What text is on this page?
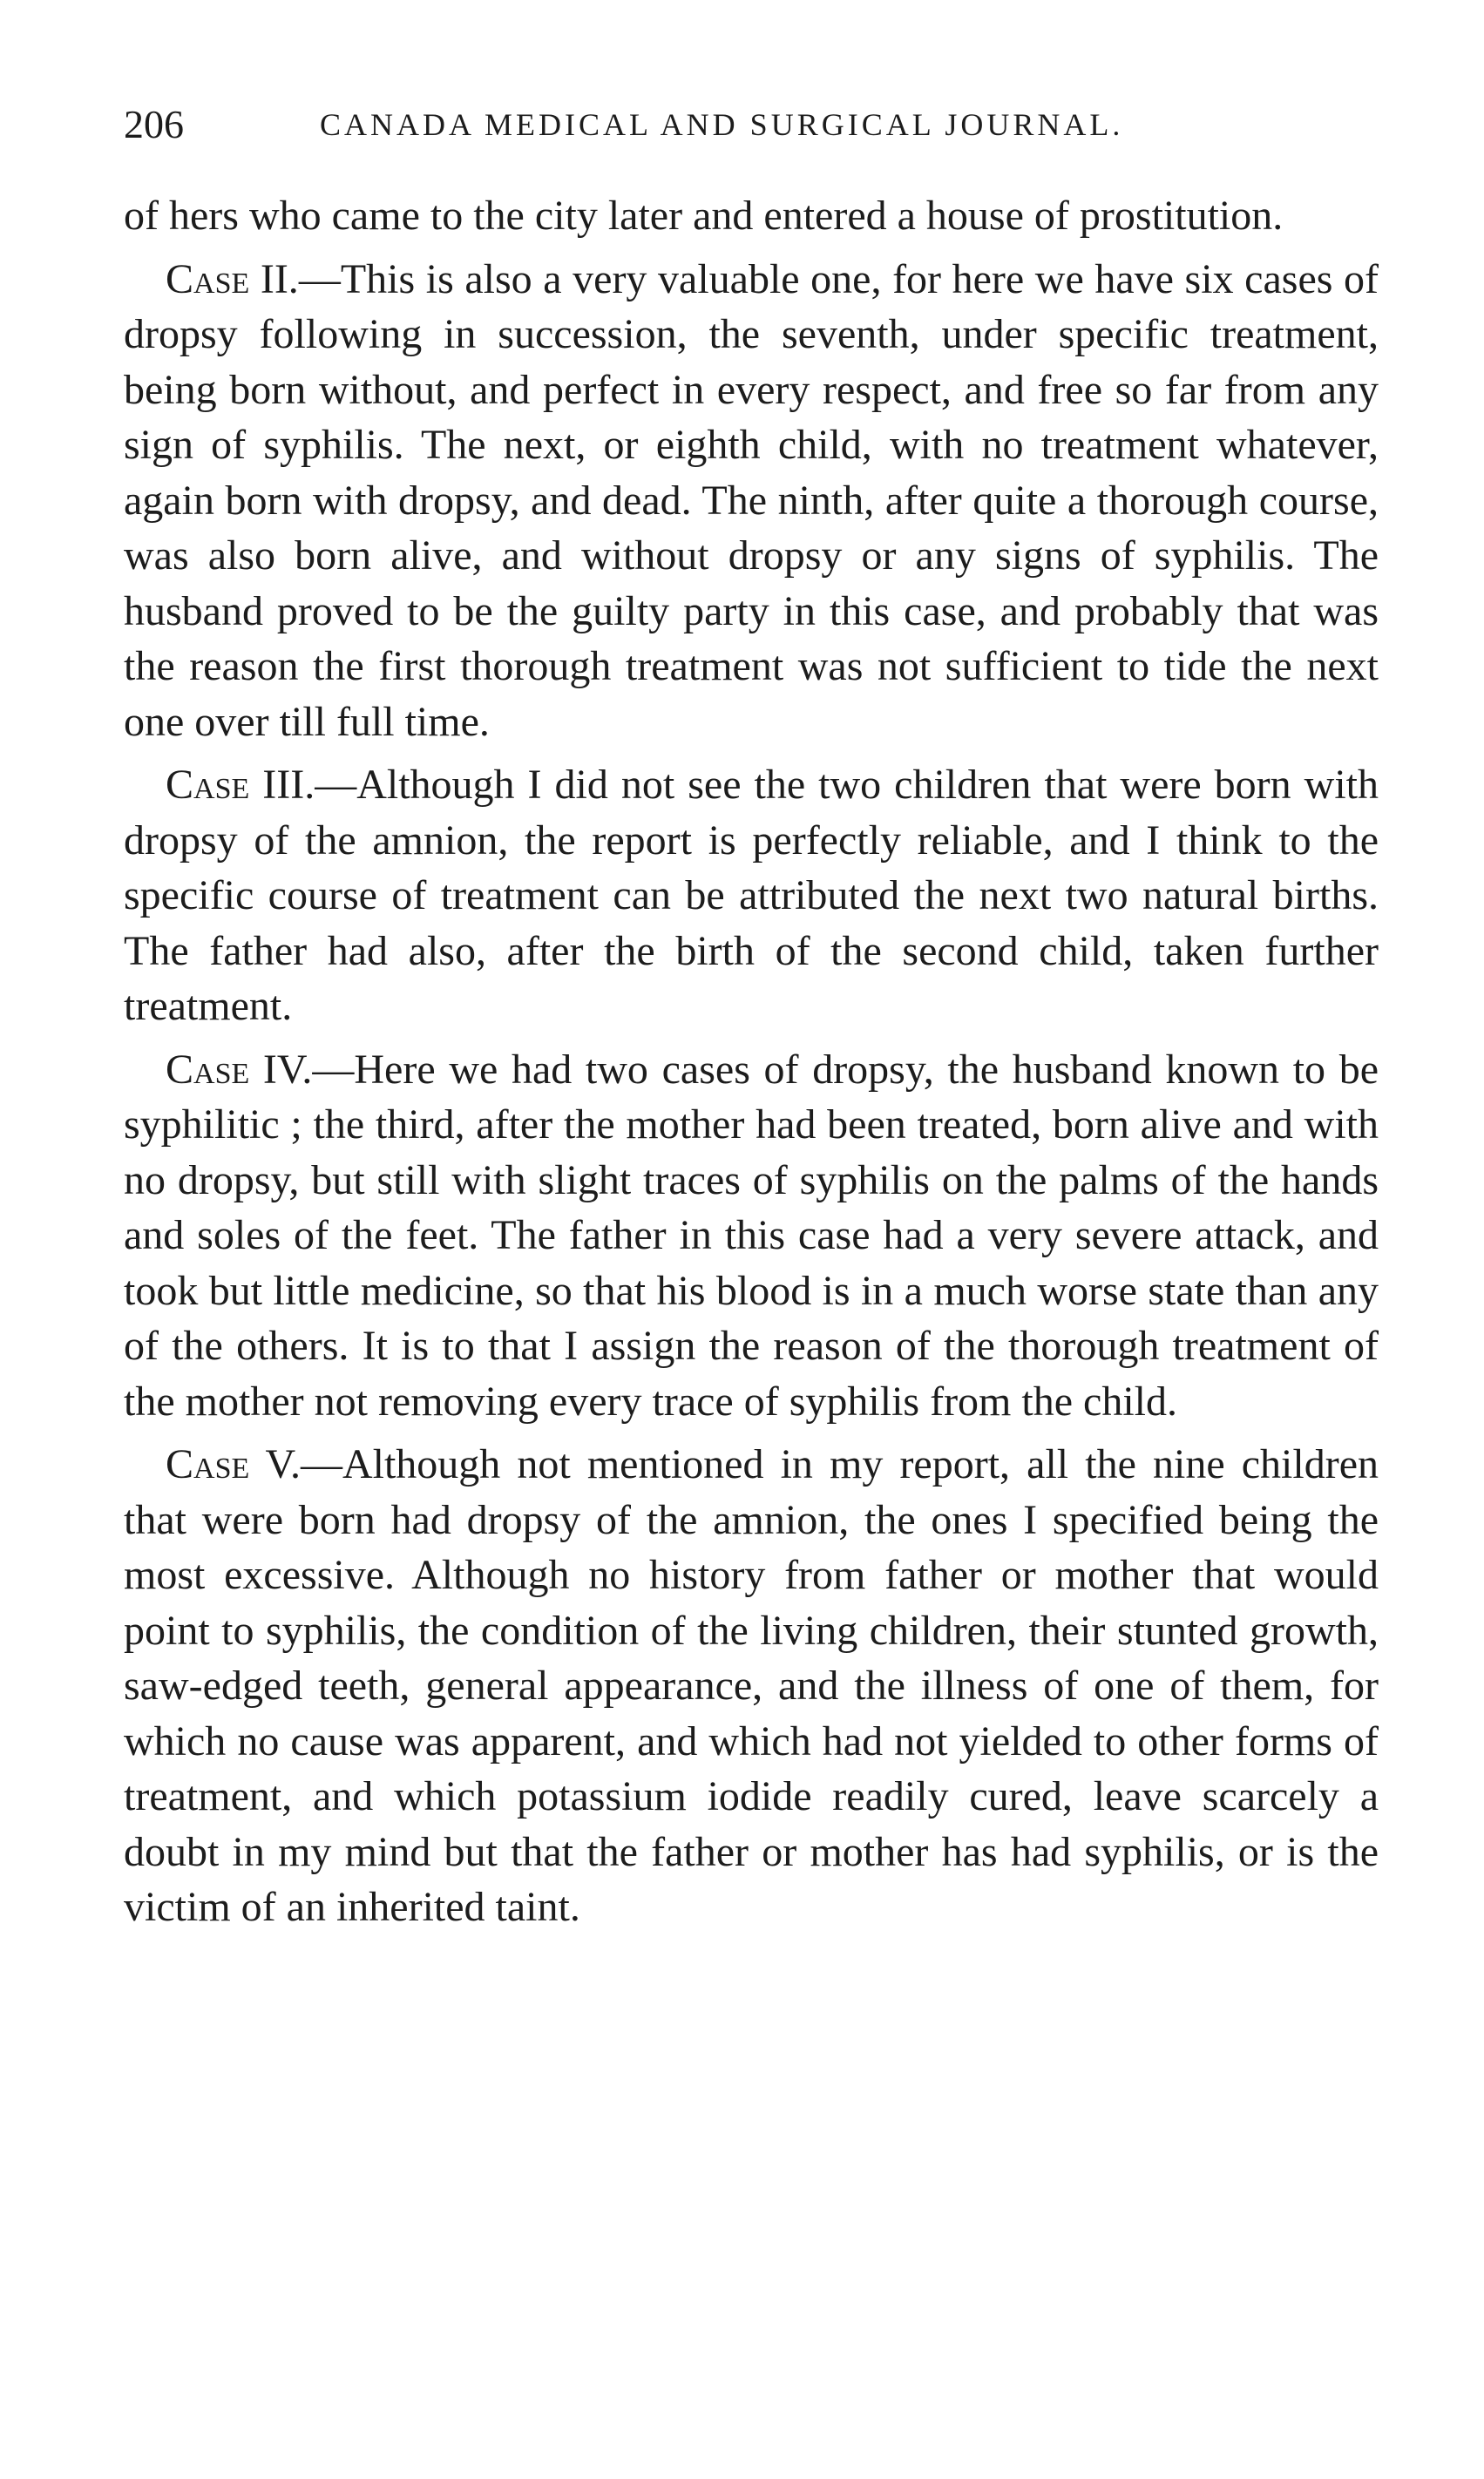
206	CANADA MEDICAL AND SURGICAL JOURNAL.

of hers who came to the city later and entered a house of prostitution.

Case II.—This is also a very valuable one, for here we have six cases of dropsy following in succession, the seventh, under specific treatment, being born without, and perfect in every respect, and free so far from any sign of syphilis. The next, or eighth child, with no treatment whatever, again born with dropsy, and dead. The ninth, after quite a thorough course, was also born alive, and without dropsy or any signs of syphilis. The husband proved to be the guilty party in this case, and probably that was the reason the first thorough treatment was not sufficient to tide the next one over till full time.

Case III.—Although I did not see the two children that were born with dropsy of the amnion, the report is perfectly reliable, and I think to the specific course of treatment can be attributed the next two natural births. The father had also, after the birth of the second child, taken further treatment.

Case IV.—Here we had two cases of dropsy, the husband known to be syphilitic ; the third, after the mother had been treated, born alive and with no dropsy, but still with slight traces of syphilis on the palms of the hands and soles of the feet. The father in this case had a very severe attack, and took but little medicine, so that his blood is in a much worse state than any of the others. It is to that I assign the reason of the thorough treatment of the mother not removing every trace of syphilis from the child.

Case V.—Although not mentioned in my report, all the nine children that were born had dropsy of the amnion, the ones I specified being the most excessive. Although no history from father or mother that would point to syphilis, the condition of the living children, their stunted growth, saw-edged teeth, general appearance, and the illness of one of them, for which no cause was apparent, and which had not yielded to other forms of treatment, and which potassium iodide readily cured, leave scarcely a doubt in my mind but that the father or mother has had syphilis, or is the victim of an inherited taint.
